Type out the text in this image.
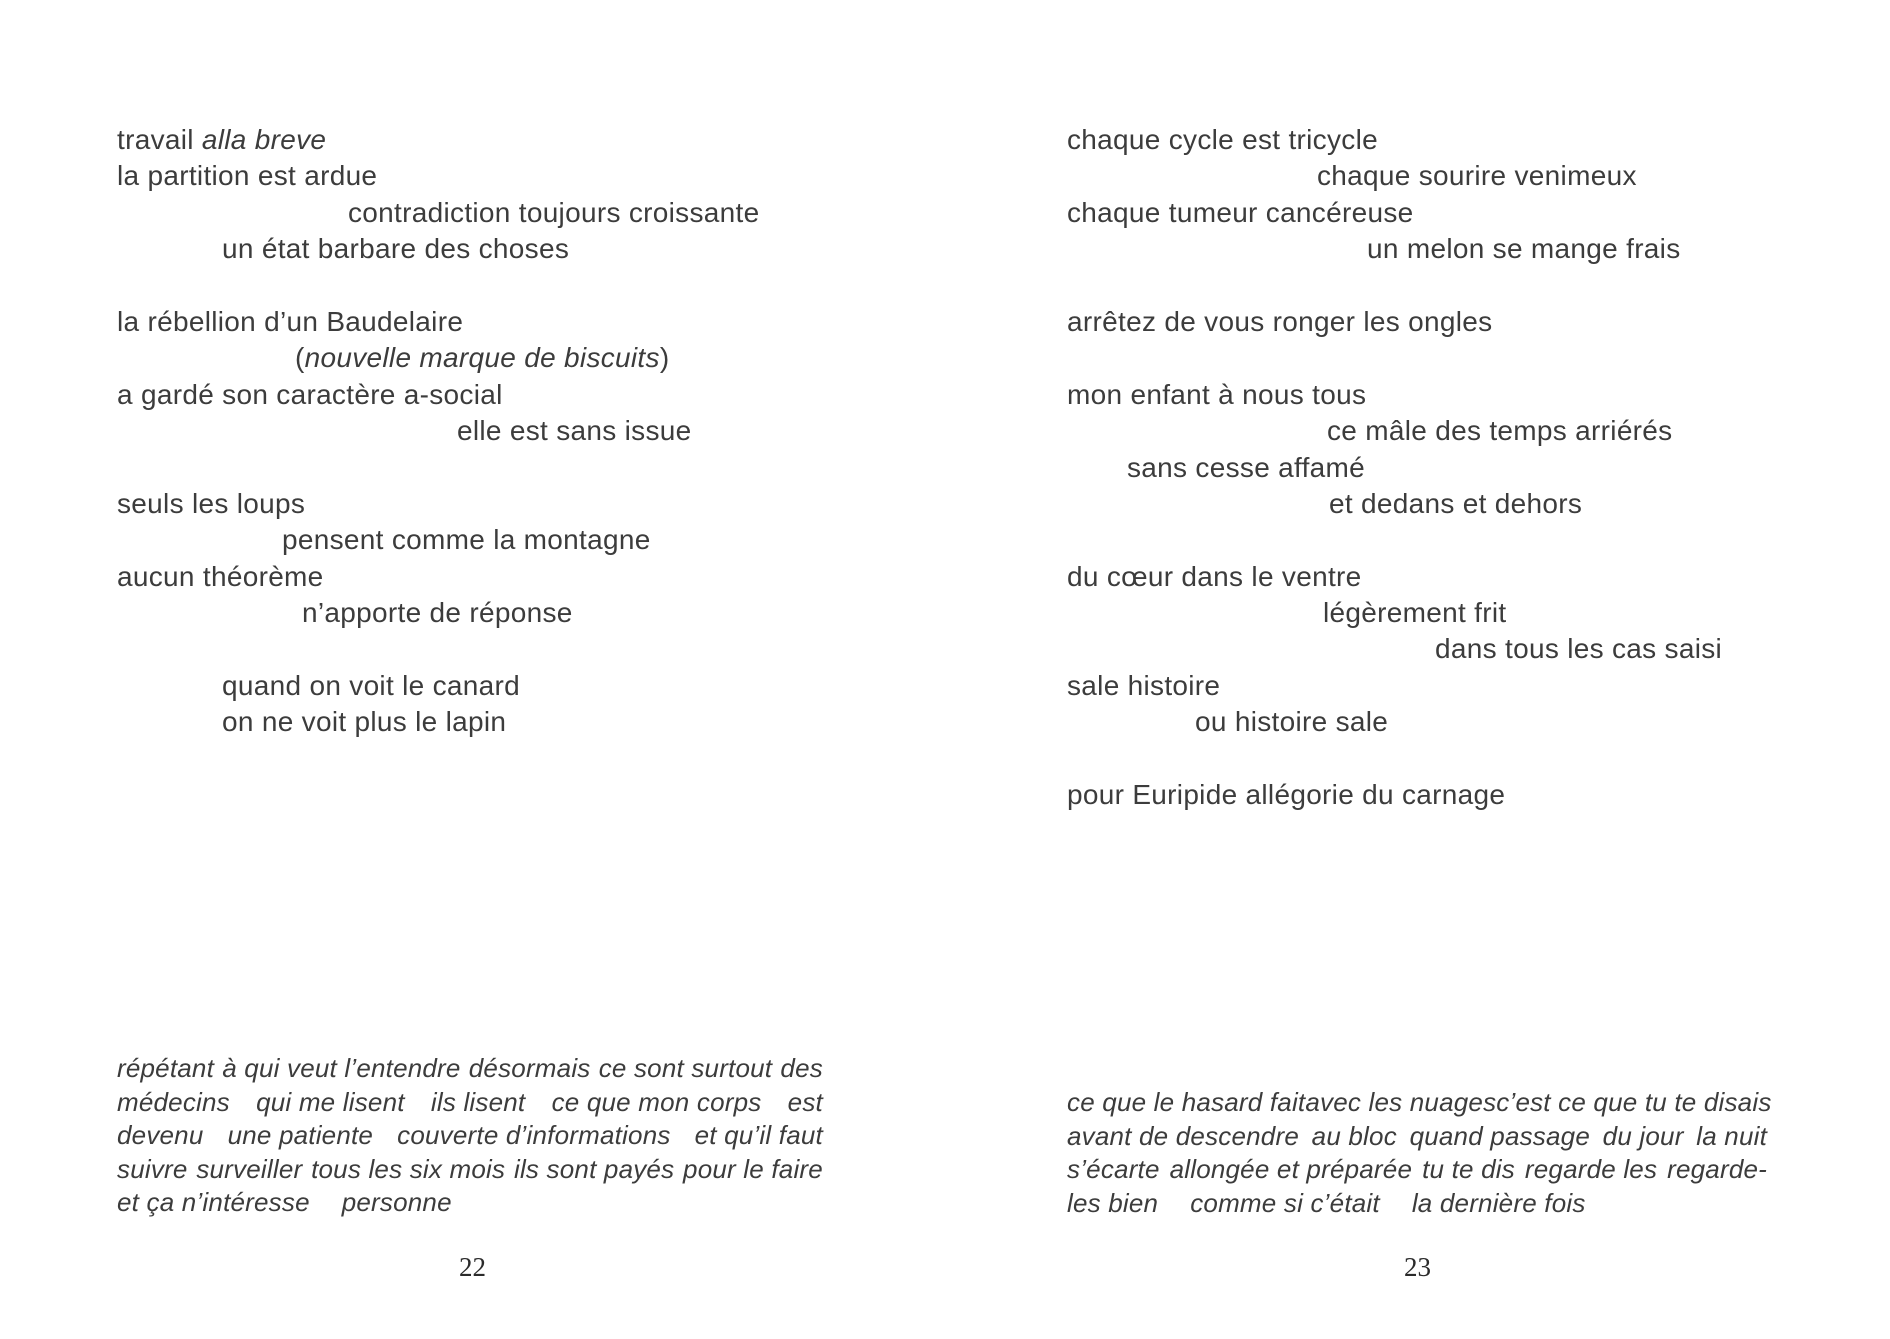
travail alla breve
la partition est ardue
contradiction toujours croissante
un état barbare des choses
la rébellion d’un Baudelaire
(nouvelle marque de biscuits)
a gardé son caractère a-social
elle est sans issue
seuls les loups
pensent comme la montagne
aucun théorème
n’apporte de réponse
quand on voit le canard
on ne voit plus le lapin
répétant à qui veut l’entendre désormais ce sont surtout des
médecins qui me lisent ils lisent ce que mon corps est
devenu une patiente couverte d’informations et qu’il faut
suivre surveiller tous les six mois ils sont payés pour le faire
et ça n’intéresse personne
22
chaque cycle est tricycle
chaque sourire venimeux
chaque tumeur cancéreuse
un melon se mange frais
arrêtez de vous ronger les ongles
mon enfant à nous tous
ce mâle des temps arriérés
sans cesse affamé
et dedans et dehors
du cœur dans le ventre
légèrement frit
dans tous les cas saisi
sale histoire
ou histoire sale
pour Euripide allégorie du carnage
ce que le hasard fait avec les nuages c’est ce que tu te disais
avant de descendre au bloc quand passage du jour la nuit
s’écarte allongée et préparée tu te dis regarde les regarde-
les bien comme si c’était la dernière fois
23
